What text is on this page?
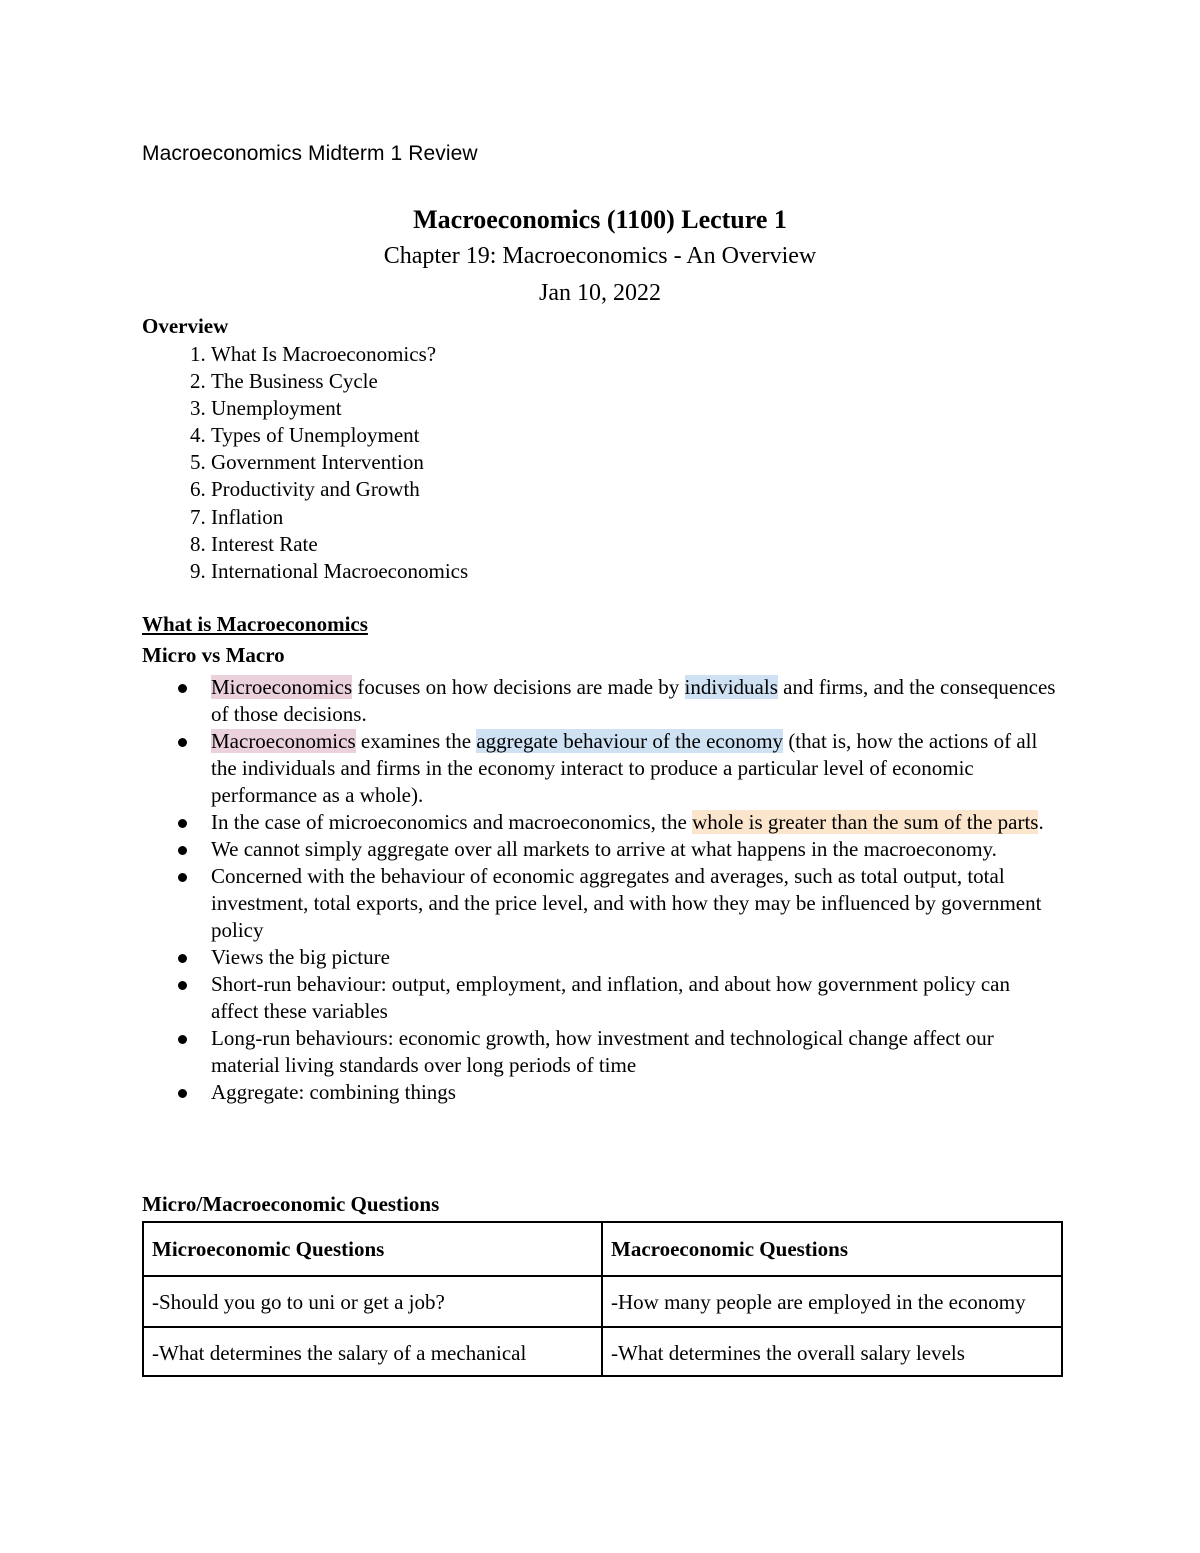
Macroeconomics Midterm 1 Review
Macroeconomics (1100) Lecture 1
Chapter 19: Macroeconomics - An Overview
Jan 10, 2022
Overview
1. What Is Macroeconomics?
2. The Business Cycle
3. Unemployment
4. Types of Unemployment
5. Government Intervention
6. Productivity and Growth
7. Inflation
8. Interest Rate
9. International Macroeconomics
What is Macroeconomics
Micro vs Macro
Microeconomics focuses on how decisions are made by individuals and firms, and the consequences of those decisions.
Macroeconomics examines the aggregate behaviour of the economy (that is, how the actions of all the individuals and firms in the economy interact to produce a particular level of economic performance as a whole).
In the case of microeconomics and macroeconomics, the whole is greater than the sum of the parts.
We cannot simply aggregate over all markets to arrive at what happens in the macroeconomy.
Concerned with the behaviour of economic aggregates and averages, such as total output, total investment, total exports, and the price level, and with how they may be influenced by government policy
Views the big picture
Short-run behaviour: output, employment, and inflation, and about how government policy can affect these variables
Long-run behaviours: economic growth, how investment and technological change affect our material living standards over long periods of time
Aggregate: combining things
Micro/Macroeconomic Questions
Microeconomic Questions	Macroeconomic Questions
-Should you go to uni or get a job?	-How many people are employed in the economy
-What determines the salary of a mechanical	-What determines the overall salary levels
